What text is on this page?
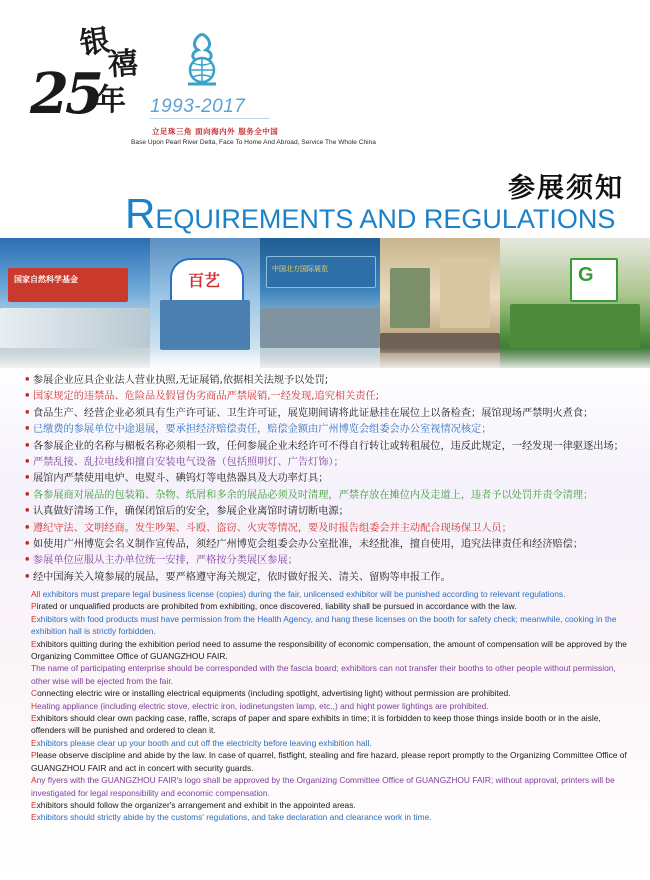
银
禧
25
年 1993-2017
立足珠三角 面向海内外 服务全中国
Base Upon Pearl River Delta, Face To Home And Abroad, Service The Whole China
参展须知
REQUIREMENTS AND REGULATIONS
国家自然科学基金	百艺
中国北方国际展览	G
• 参展企业应具企业法人营业执照,无证展销,依据相关法规予以处罚;
• 国家规定的违禁品、危险品及假冒伪劣商品严禁展销,一经发现,追究相关责任;
• 食品生产、经营企业必须具有生产许可证、卫生许可证，展览期间请将此证悬挂在展位上以备检查；展馆现场严禁明火煮食；
• 已缴费的参展单位中途退展，要承担经济赔偿责任，赔偿金额由广州博览会组委会办公室视情况核定；
• 各参展企业的名称与楣板名称必须相一致，任何参展企业未经许可不得自行转让或转租展位，违反此规定，一经发现一律驱逐出场；
• 严禁乱接、乱拉电线和擅自安装电气设备（包括照明灯、广告灯饰）；
• 展馆内严禁使用电炉、电熨斗、碘钨灯等电热器具及大功率灯具；
• 各参展商对展品的包装箱、杂物、纸屑和多余的展品必须及时清理，严禁存放在摊位内及走道上，违者予以处罚并责令清理；
• 认真做好清场工作，确保闭馆后的安全，参展企业离馆时请切断电源；
• 遵纪守法、文明经商。发生吵架、斗殴、盗窃、火灾等情况，要及时报告组委会并主动配合现场保卫人员；
• 如使用广州博览会名义制作宣传品，须经广州博览会组委会办公室批准，未经批准，擅自使用，追究法律责任和经济赔偿；
• 参展单位应服从主办单位统一安排，严格按分类展区参展；
• 经中国海关入境参展的展品，要严格遵守海关规定，依时做好报关、清关、留购等申报工作。
All exhibitors must prepare legal business license (copies) during the fair, unlicensed exhibitor will be punished according to relevant regulations.
Pirated or unqualified products are prohibited from exhibiting, once discovered, liability shall be pursued in accordance with the law.
Exhibitors with food products must have permission from the Health Agency, and hang these licenses on the booth for safety check; meanwhile, cooking in the exhibition hall is strictly forbidden.
Exhibitors quitting during the exhibition period need to assume the responsibility of economic compensation, the amount of compensation will be approved by the Organizing Committee Office of GUANGZHOU FAIR.
The name of participating enterprise should be corresponded with the fascia board; exhibitors can not transfer their booths to other people without permission, other wise will be ejected from the fair.
Connecting electric wire or installing electrical equipments (including spotlight, advertising light) without permission are prohibited.
Heating appliance (including electric stove, electric iron, iodinetungsten lamp, etc.,) and hight power lightings are prohibited.
Exhibitors should clear own packing case, raffle, scraps of paper and spare exhibits in time; it is forbidden to keep those things inside booth or in the aisle, offenders will be punished and ordered to clean it.
Exhibitors please clear up your booth and cut off the electricity before leaving exhibition hall.
Please observe discipline and abide by the law. In case of quarrel, fistfight, stealing and fire hazard, please report promptly to the Organizing Committee Office of GUANGZHOU FAIR and act in concert with security guards.
Any flyers with the GUANGZHOU FAIR's logo shall be approved by the Organizing Committee Office of GUANGZHOU FAIR; without approval, printers will be investigated for legal responsibility and economic compensation.
Exhibitors should follow the organizer's arrangement and exhibit in the appointed areas.
Exhibitors should strictly abide by the customs' regulations, and take declaration and clearance work in time.
